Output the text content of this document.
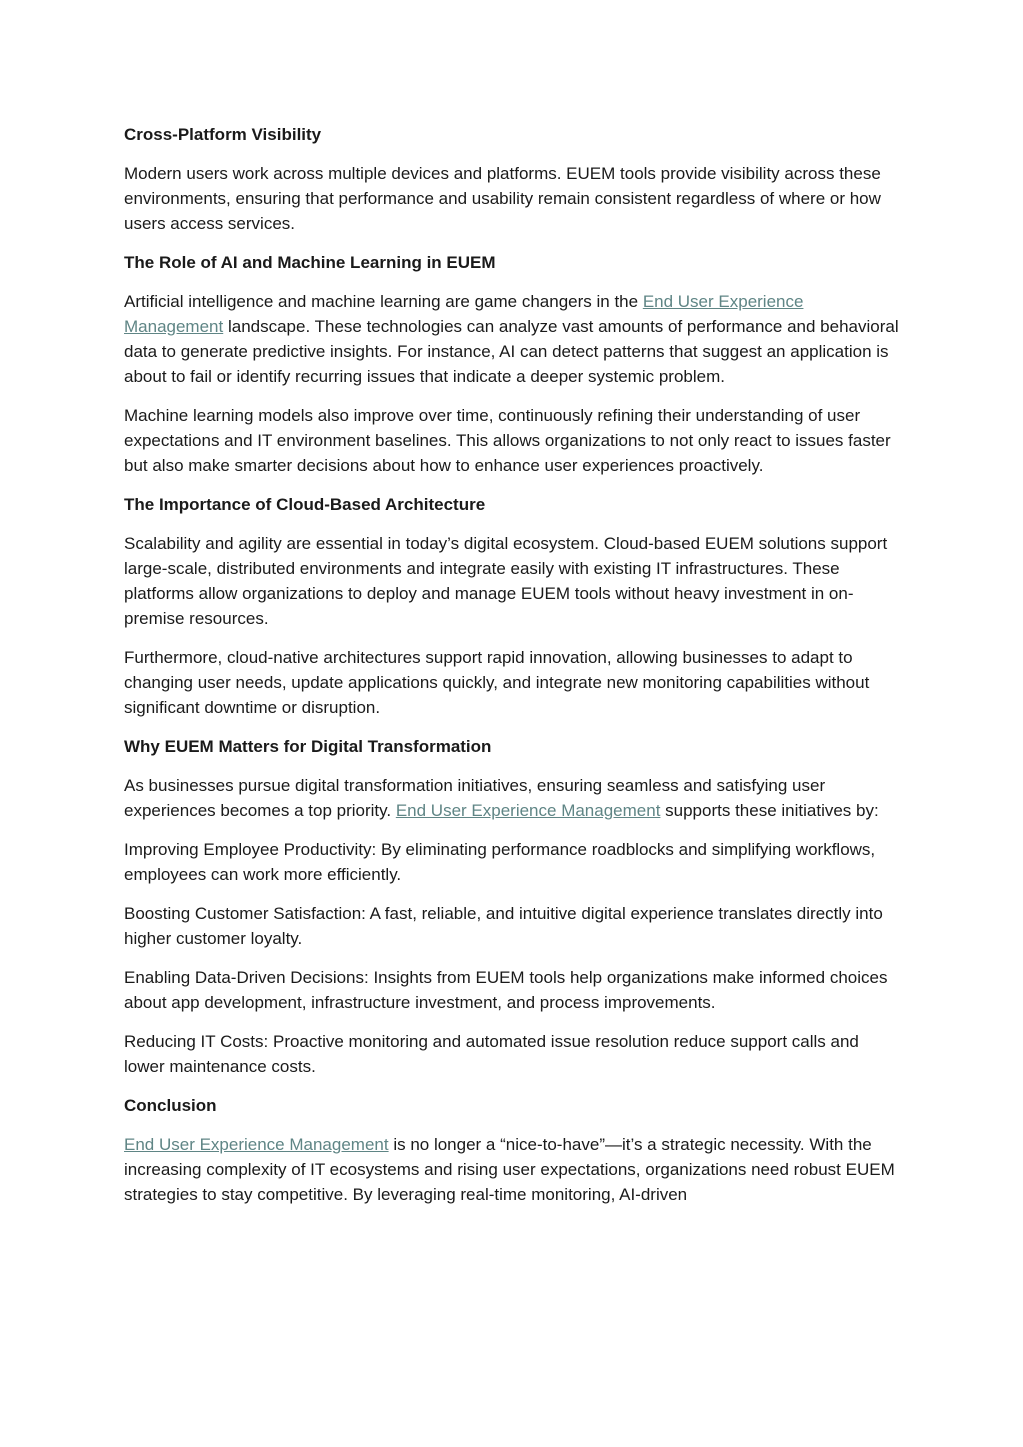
Cross-Platform Visibility

Modern users work across multiple devices and platforms. EUEM tools provide visibility across these environments, ensuring that performance and usability remain consistent regardless of where or how users access services.

The Role of AI and Machine Learning in EUEM

Artificial intelligence and machine learning are game changers in the End User Experience Management landscape. These technologies can analyze vast amounts of performance and behavioral data to generate predictive insights. For instance, AI can detect patterns that suggest an application is about to fail or identify recurring issues that indicate a deeper systemic problem.

Machine learning models also improve over time, continuously refining their understanding of user expectations and IT environment baselines. This allows organizations to not only react to issues faster but also make smarter decisions about how to enhance user experiences proactively.

The Importance of Cloud-Based Architecture

Scalability and agility are essential in today’s digital ecosystem. Cloud-based EUEM solutions support large-scale, distributed environments and integrate easily with existing IT infrastructures. These platforms allow organizations to deploy and manage EUEM tools without heavy investment in on-premise resources.

Furthermore, cloud-native architectures support rapid innovation, allowing businesses to adapt to changing user needs, update applications quickly, and integrate new monitoring capabilities without significant downtime or disruption.

Why EUEM Matters for Digital Transformation

As businesses pursue digital transformation initiatives, ensuring seamless and satisfying user experiences becomes a top priority. End User Experience Management supports these initiatives by:

Improving Employee Productivity: By eliminating performance roadblocks and simplifying workflows, employees can work more efficiently.

Boosting Customer Satisfaction: A fast, reliable, and intuitive digital experience translates directly into higher customer loyalty.

Enabling Data-Driven Decisions: Insights from EUEM tools help organizations make informed choices about app development, infrastructure investment, and process improvements.

Reducing IT Costs: Proactive monitoring and automated issue resolution reduce support calls and lower maintenance costs.

Conclusion

End User Experience Management is no longer a “nice-to-have”—it’s a strategic necessity. With the increasing complexity of IT ecosystems and rising user expectations, organizations need robust EUEM strategies to stay competitive. By leveraging real-time monitoring, AI-driven
